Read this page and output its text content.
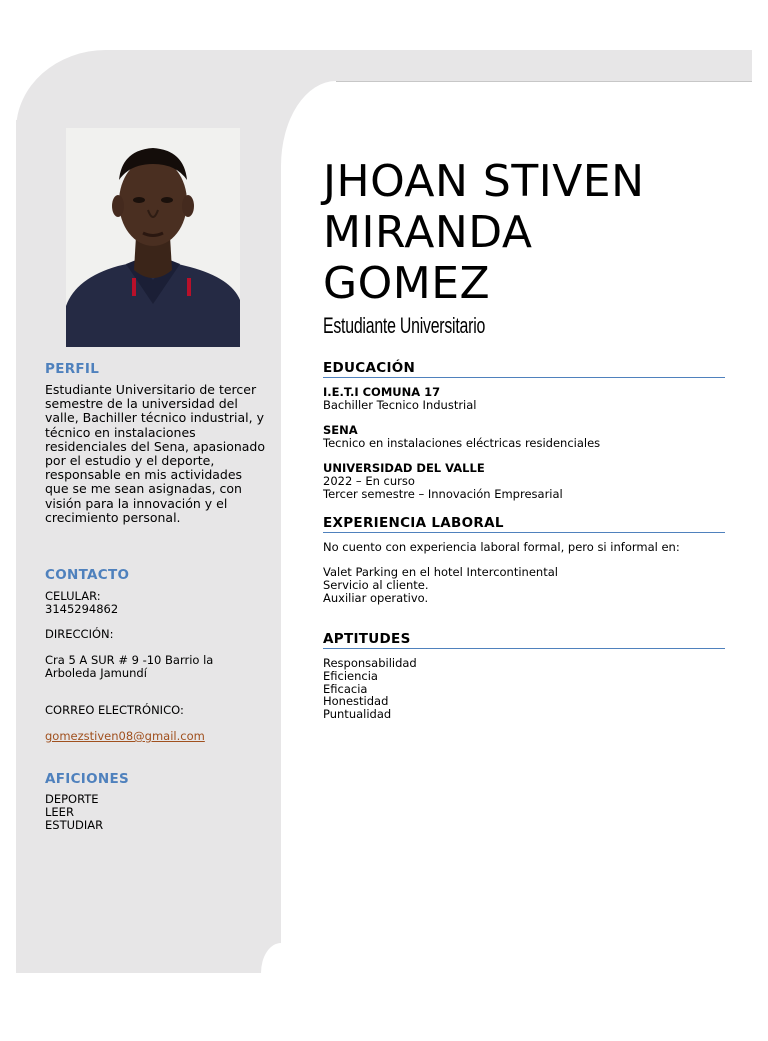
PERFIL
Estudiante Universitario de tercer semestre de la universidad del valle, Bachiller técnico industrial, y técnico en instalaciones residenciales del Sena, apasionado por el estudio y el deporte, responsable en mis actividades que se me sean asignadas, con visión para la innovación y el crecimiento personal.
CONTACTO
CELULAR:
3145294862
DIRECCIÓN:
Cra 5 A SUR # 9 -10 Barrio la Arboleda Jamundí
CORREO ELECTRÓNICO:
gomezstiven08@gmail.com
AFICIONES
DEPORTE
LEER
ESTUDIAR
JHOAN STIVEN
MIRANDA
GOMEZ
Estudiante Universitario
EDUCACIÓN
I.E.T.I COMUNA 17
Bachiller Tecnico Industrial
SENA
Tecnico en instalaciones eléctricas residenciales
UNIVERSIDAD DEL VALLE
2022 – En curso
Tercer semestre – Innovación Empresarial
EXPERIENCIA LABORAL
No cuento con experiencia laboral formal, pero si informal en:
Valet Parking en el hotel Intercontinental
Servicio al cliente.
Auxiliar operativo.
APTITUDES
Responsabilidad
Eficiencia
Eficacia
Honestidad
Puntualidad
